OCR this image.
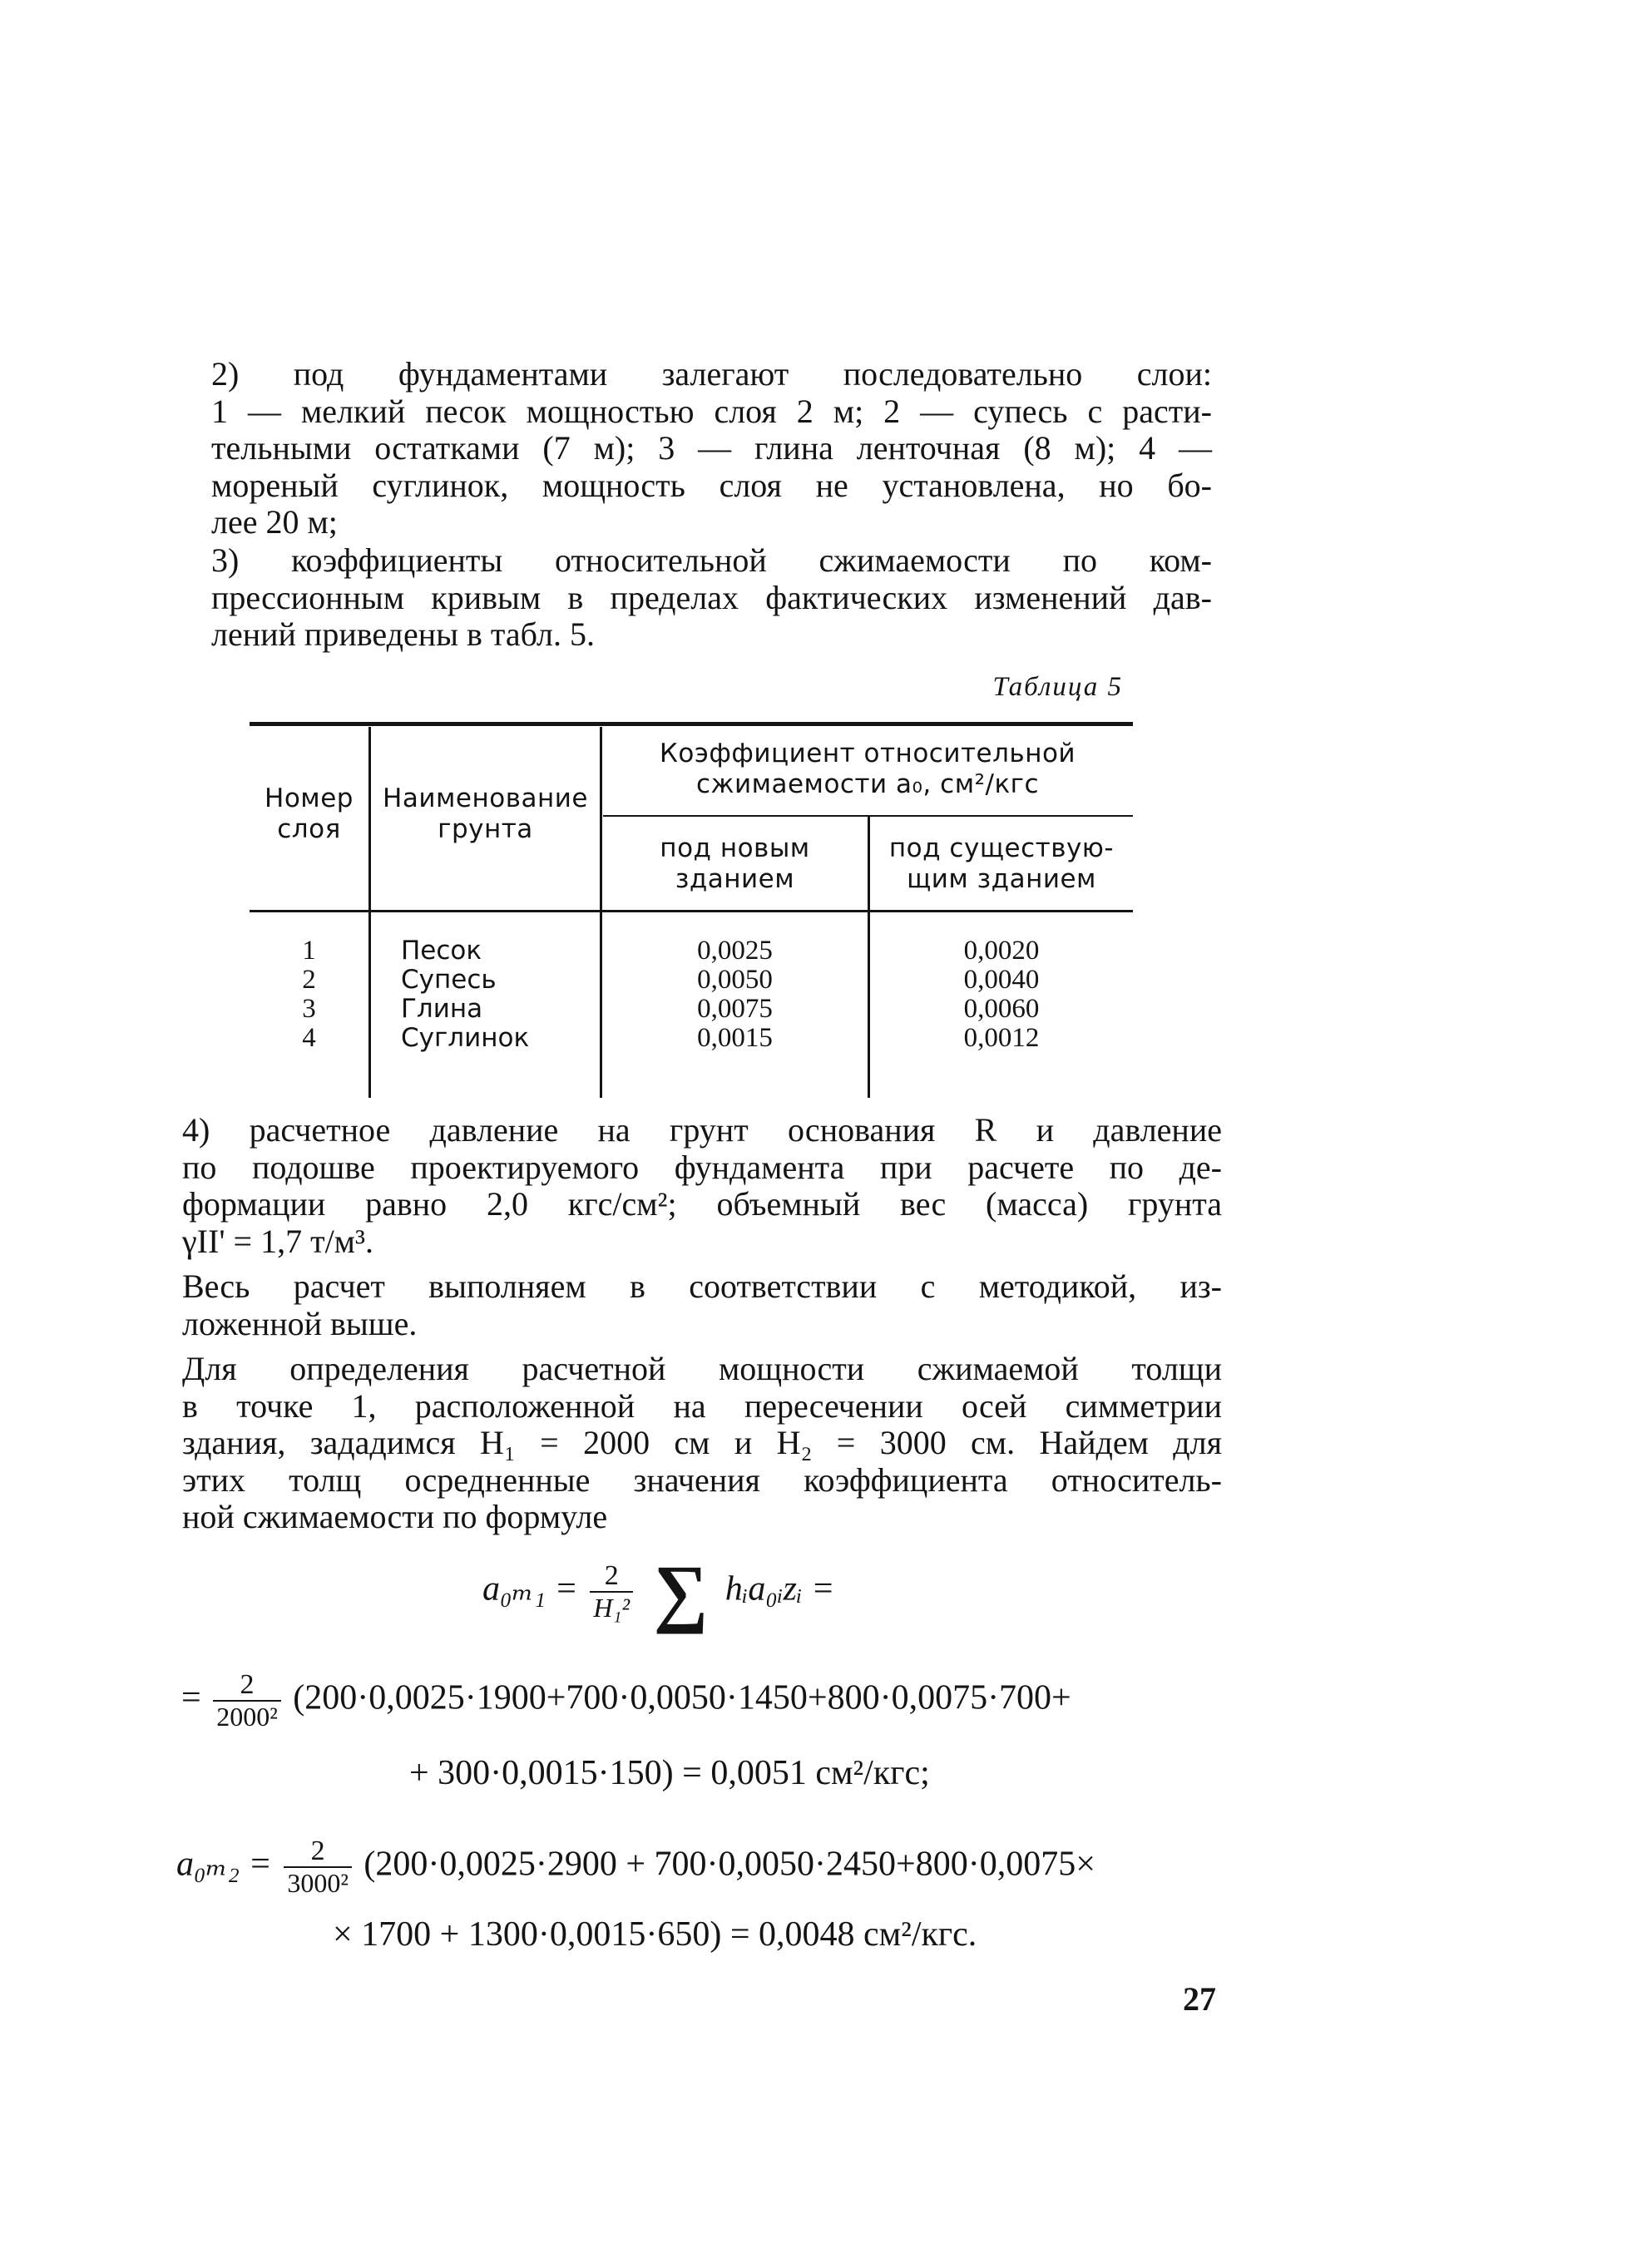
2) под фундаментами залегают последовательно слои:
1 — мелкий песок мощностью слоя 2 м; 2 — супесь с расти-
тельными остатками (7 м); 3 — глина ленточная (8 м); 4 —
мореный суглинок, мощность слоя не установлена, но бо-
лее 20 м;
3) коэффициенты относительной сжимаемости по ком-
прессионным кривым в пределах фактических изменений дав-
лений приведены в табл. 5.
Таблица 5
Номер
слоя
Наименование
грунта
Коэффициент относительной
сжимаемости a₀, см²/кгс
под новым
зданием
под существую-
щим зданием
1
2
3
4
Песок
Супесь
Глина
Суглинок
0,0025
0,0050
0,0075
0,0015
0,0020
0,0040
0,0060
0,0012
4) расчетное давление на грунт основания R и давление
по подошве проектируемого фундамента при расчете по де-
формации равно 2,0 кгс/см²; объемный вес (масса) грунта
γII' = 1,7 т/м³.
Весь расчет выполняем в соответствии с методикой, из-
ложенной выше.
Для определения расчетной мощности сжимаемой толщи
в точке 1, расположенной на пересечении осей симметрии
здания, зададимся H₁ = 2000 см и H₂ = 3000 см. Найдем для
этих толщ осредненные значения коэффициента относитель-
ной сжимаемости по формуле
$a_{0m1} = \frac{2}{\text{H₁²}}$ ∑ hᵢa₀ᵢzᵢ =
= $\frac{2}{\text{2000²}} (200\cdot 0,0025\cdot 1900+700\cdot 0,0050\cdot 1450+800\cdot 0,0075\cdot 700+$
+ 300·0,0015·150) = 0,0051 см²/кгс;
$a_{0m2} = \frac{2}{\text{3000²}} (200\cdot 0,0025\cdot 2900 + 700\cdot 0,0050\cdot 2450+800\cdot 0,0075\times$
× 1700 + 1300·0,0015·650) = 0,0048 см²/кгс.
27
